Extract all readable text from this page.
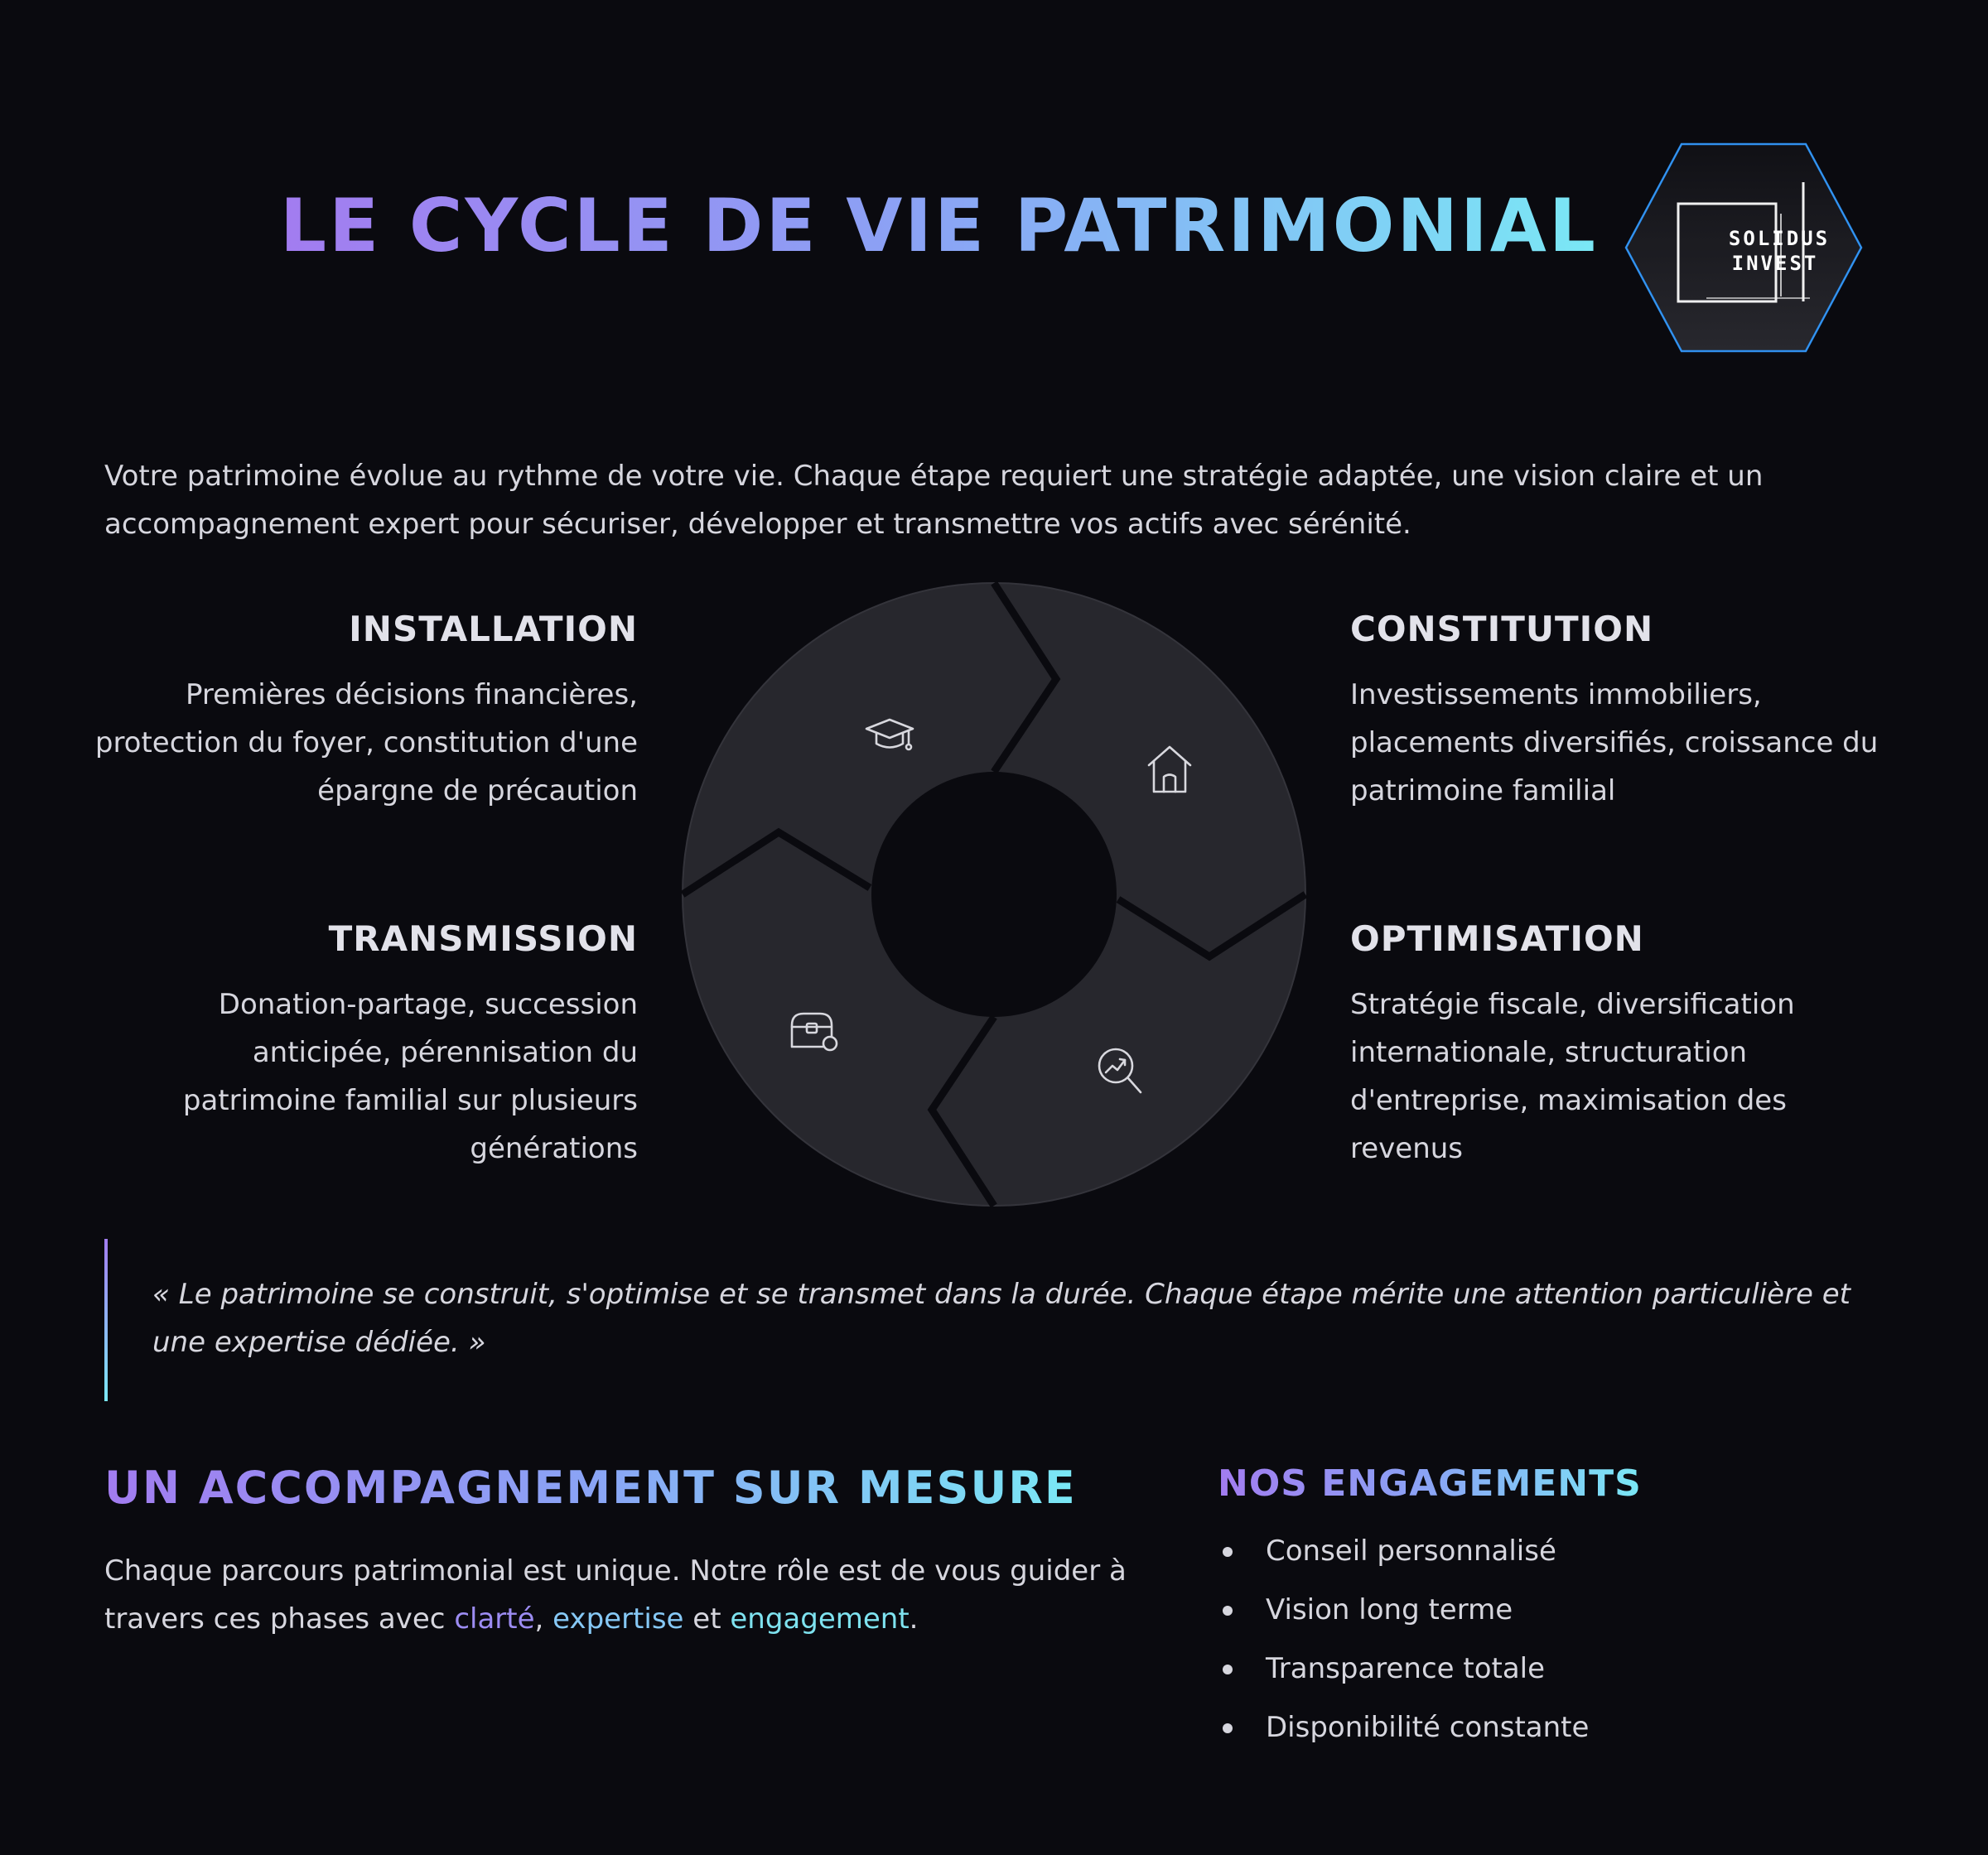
LE CYCLE DE VIE PATRIMONIAL	SOLIDUS
INVEST

Votre patrimoine évolue au rythme de votre vie. Chaque étape requiert une stratégie adaptée, une vision claire et un accompagnement expert pour sécuriser, développer et transmettre vos actifs avec sérénité.

INSTALLATION

Premières décisions financières, protection du foyer, constitution d'une épargne de précaution

CONSTITUTION

Investissements immobiliers, placements diversifiés, croissance du patrimoine familial

TRANSMISSION

Donation-partage, succession anticipée, pérennisation du patrimoine familial sur plusieurs générations

OPTIMISATION

Stratégie fiscale, diversification internationale, structuration d'entreprise, maximisation des revenus

« Le patrimoine se construit, s'optimise et se transmet dans la durée. Chaque étape mérite une attention particulière et une expertise dédiée. »

UN ACCOMPAGNEMENT SUR MESURE

Chaque parcours patrimonial est unique. Notre rôle est de vous guider à travers ces phases avec clarté, expertise et engagement.

NOS ENGAGEMENTS
Conseil personnalisé
Vision long terme
Transparence totale
Disponibilité constante
